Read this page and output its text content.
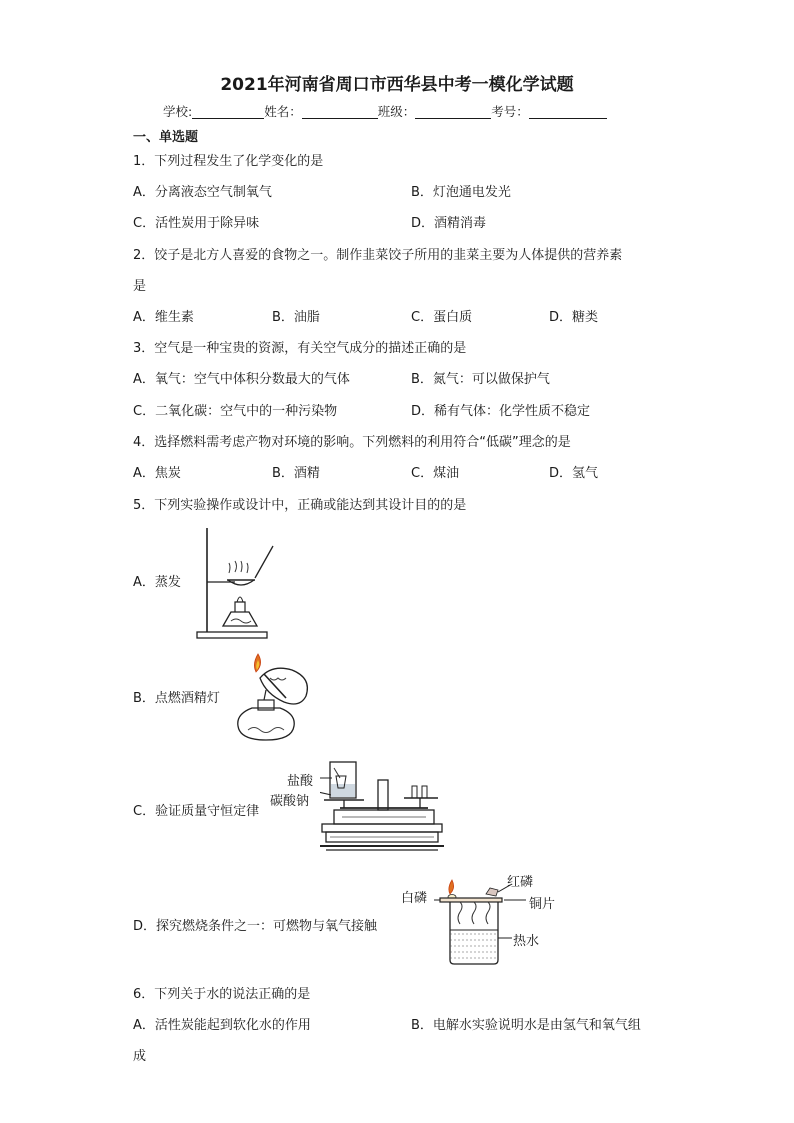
2021年河南省周口市西华县中考一模化学试题
学校:	姓名：	班级：	考号：
一、单选题
1．下列过程发生了化学变化的是
A．分离液态空气制氧气	B．灯泡通电发光
C．活性炭用于除异味	D．酒精消毒
2．饺子是北方人喜爱的食物之一。制作韭菜饺子所用的韭菜主要为人体提供的营养素
是
A．维生素	B．油脂	C．蛋白质	D．糖类
3．空气是一种宝贵的资源，有关空气成分的描述正确的是
A．氧气：空气中体积分数最大的气体	B．氮气：可以做保护气
C．二氧化碳：空气中的一种污染物	D．稀有气体：化学性质不稳定
4．选择燃料需考虑产物对环境的影响。下列燃料的利用符合“低碳”理念的是
A．焦炭	B．酒精	C．煤油	D．氢气
5．下列实验操作或设计中，正确或能达到其设计目的的是
A．蒸发
B．点燃酒精灯
C．验证质量守恒定律
盐酸
碳酸钠
D．探究燃烧条件之一：可燃物与氧气接触
白磷
红磷
铜片
热水
6．下列关于水的说法正确的是
A．活性炭能起到软化水的作用	B．电解水实验说明水是由氢气和氧气组
成
